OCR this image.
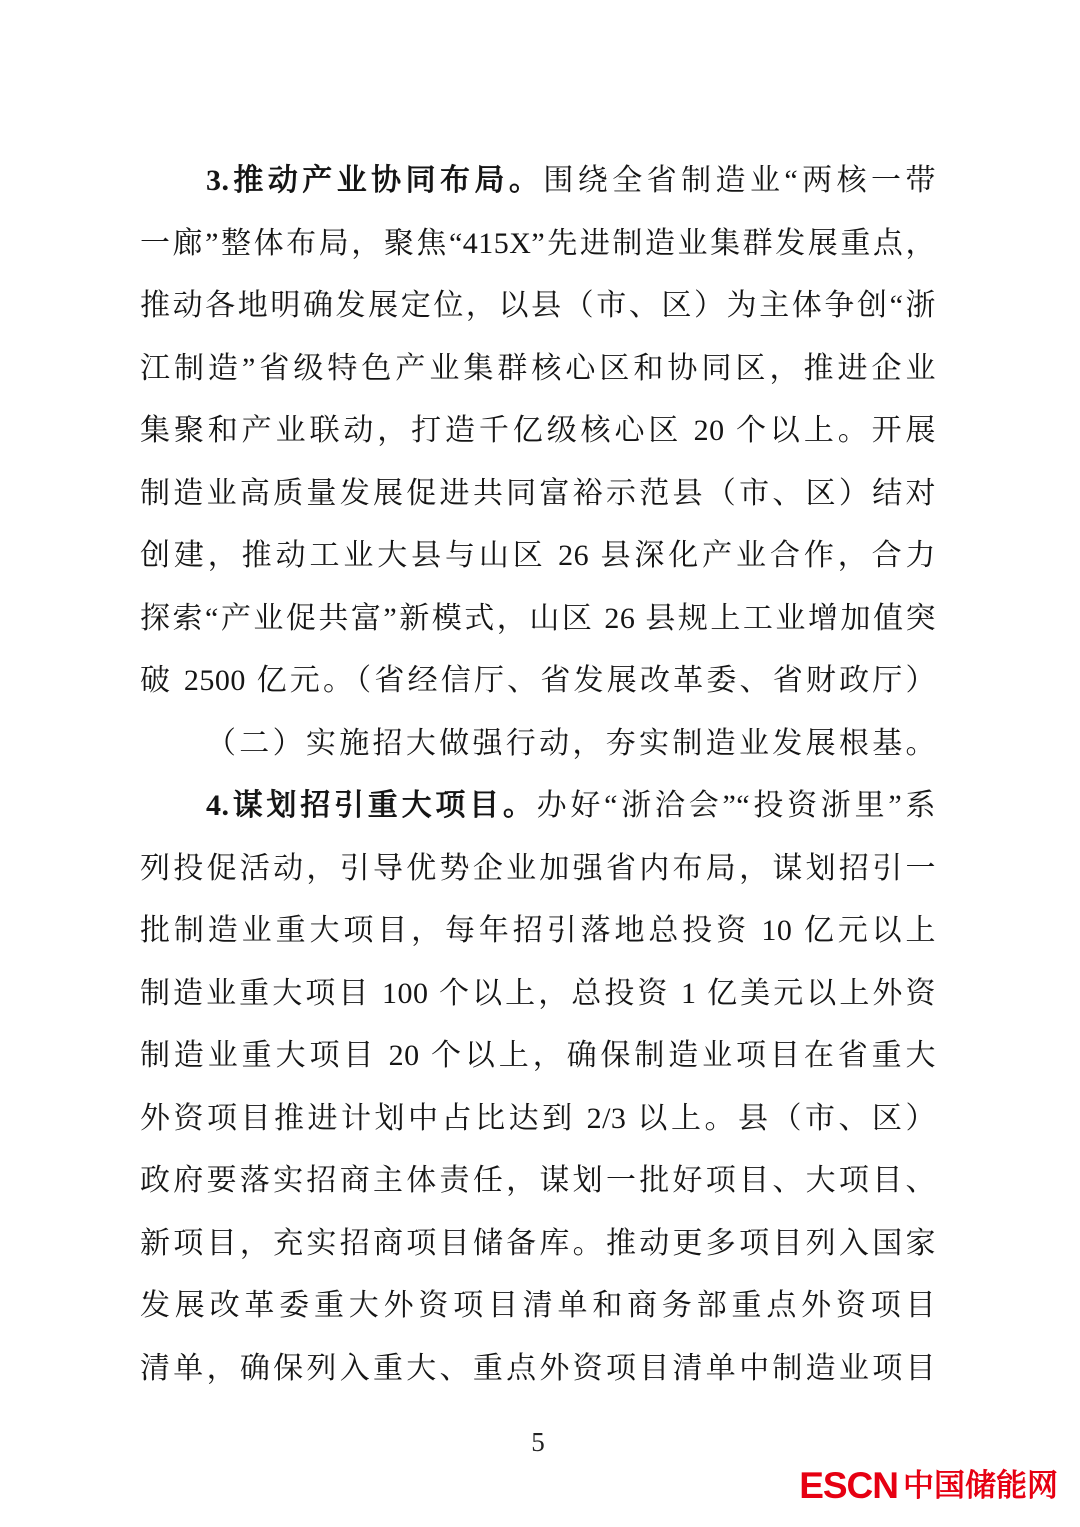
3.推动产业协同布局。围绕全省制造业“两核一带
一廊”整体布局，聚焦“415X”先进制造业集群发展重点，
推动各地明确发展定位，以县（市、区）为主体争创“浙
江制造”省级特色产业集群核心区和协同区，推进企业
集聚和产业联动，打造千亿级核心区 20 个以上。开展
制造业高质量发展促进共同富裕示范县（市、区）结对
创建，推动工业大县与山区 26 县深化产业合作，合力
探索“产业促共富”新模式，山区 26 县规上工业增加值突
破 2500 亿元。（省经信厅、省发展改革委、省财政厅）
（二）实施招大做强行动，夯实制造业发展根基。
4.谋划招引重大项目。办好“浙洽会”“投资浙里”系
列投促活动，引导优势企业加强省内布局，谋划招引一
批制造业重大项目，每年招引落地总投资 10 亿元以上
制造业重大项目 100 个以上，总投资 1 亿美元以上外资
制造业重大项目 20 个以上，确保制造业项目在省重大
外资项目推进计划中占比达到 2/3 以上。县（市、区）
政府要落实招商主体责任，谋划一批好项目、大项目、
新项目，充实招商项目储备库。推动更多项目列入国家
发展改革委重大外资项目清单和商务部重点外资项目
清单，确保列入重大、重点外资项目清单中制造业项目
5
ESCN 中国储能网
